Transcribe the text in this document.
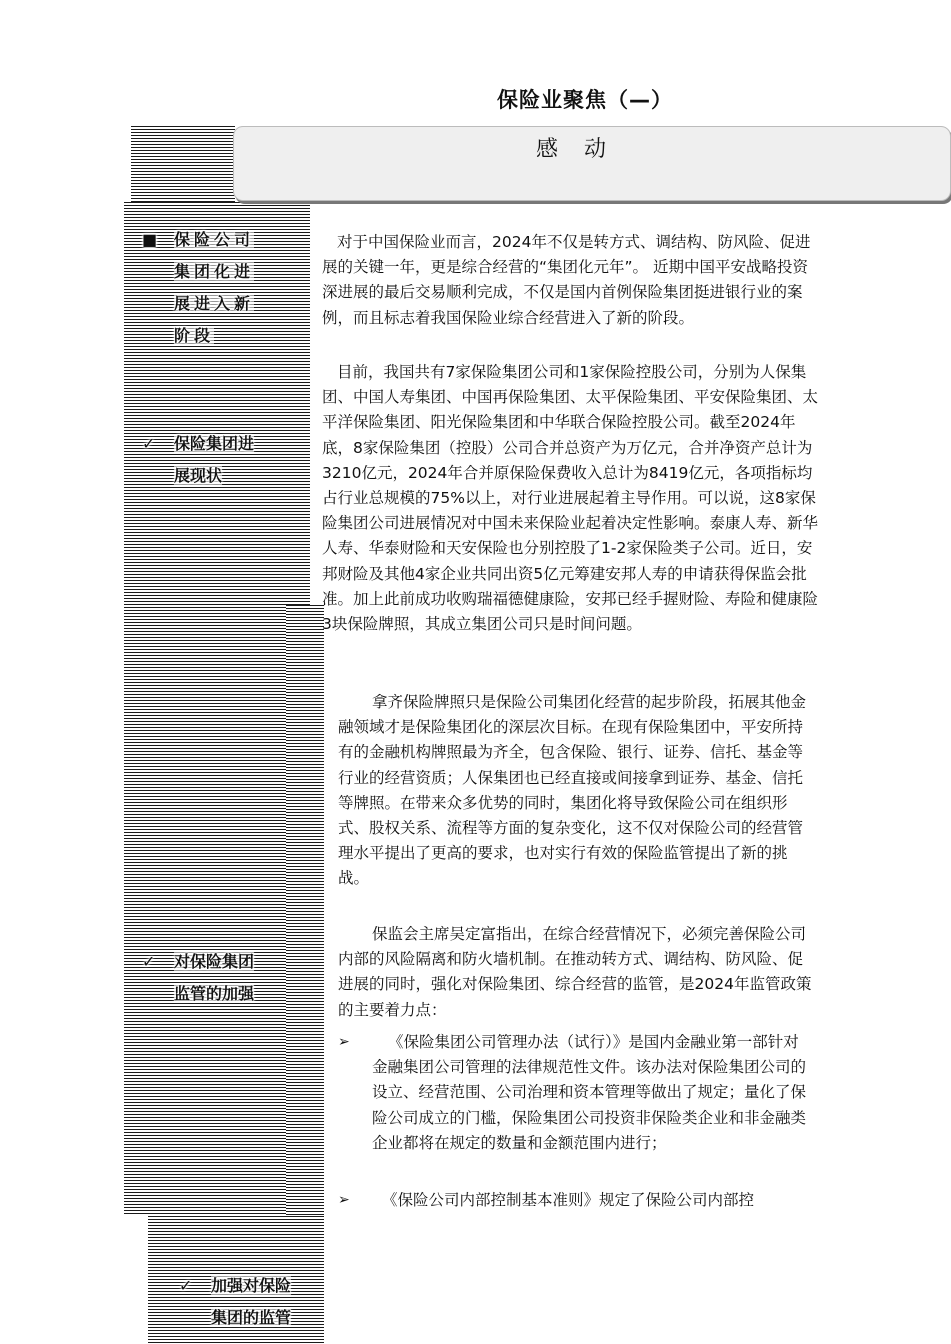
保险业聚焦（—）
感　动
■ 保险公司集团化进展进入新阶段
✓ 保险集团进展现状
✓ 对保险集团监管的加强
✓ 加强对保险集团的监管

对于中国保险业而言，2024年不仅是转方式、调结构、防风险、促进展的关键一年，更是综合经营的“集团化元年”。 近期中国平安战略投资深进展的最后交易顺利完成，不仅是国内首例保险集团挺进银行业的案例，而且标志着我国保险业综合经营进入了新的阶段。

目前，我国共有7家保险集团公司和1家保险控股公司，分别为人保集团、中国人寿集团、中国再保险集团、太平保险集团、平安保险集团、太平洋保险集团、阳光保险集团和中华联合保险控股公司。截至2024年底，8家保险集团（控股）公司合并总资产为万亿元，合并净资产总计为3210亿元，2024年合并原保险保费收入总计为8419亿元，各项指标均占行业总规模的75%以上，对行业进展起着主导作用。可以说，这8家保险集团公司进展情况对中国未来保险业起着决定性影响。泰康人寿、新华人寿、华泰财险和天安保险也分别控股了1-2家保险类子公司。近日，安邦财险及其他4家企业共同出资5亿元筹建安邦人寿的申请获得保监会批准。加上此前成功收购瑞福德健康险，安邦已经手握财险、寿险和健康险3块保险牌照，其成立集团公司只是时间问题。

拿齐保险牌照只是保险公司集团化经营的起步阶段，拓展其他金融领域才是保险集团化的深层次目标。在现有保险集团中，平安所持有的金融机构牌照最为齐全，包含保险、银行、证券、信托、基金等行业的经营资质；人保集团也已经直接或间接拿到证券、基金、信托等牌照。在带来众多优势的同时，集团化将导致保险公司在组织形式、股权关系、流程等方面的复杂变化，这不仅对保险公司的经营管理水平提出了更高的要求，也对实行有效的保险监管提出了新的挑战。

保监会主席吴定富指出，在综合经营情况下，必须完善保险公司内部的风险隔离和防火墙机制。在推动转方式、调结构、防风险、促进展的同时，强化对保险集团、综合经营的监管，是2024年监管政策的主要着力点：

➢ 《保险集团公司管理办法（试行）》是国内金融业第一部针对金融集团公司管理的法律规范性文件。该办法对保险集团公司的设立、经营范围、公司治理和资本管理等做出了规定；量化了保险公司成立的门槛，保险集团公司投资非保险类企业和非金融类企业都将在规定的数量和金额范围内进行；
➢ 《保险公司内部控制基本准则》规定了保险公司内部控
